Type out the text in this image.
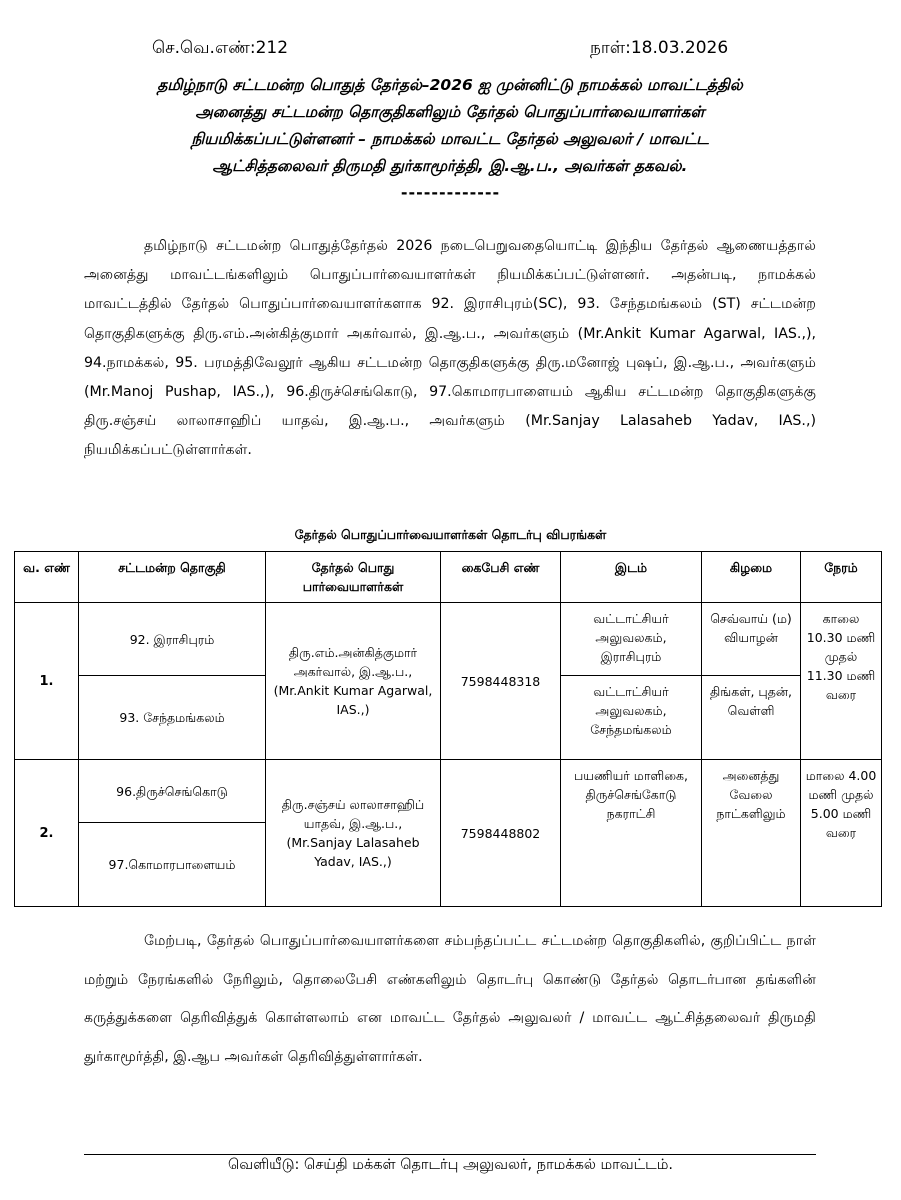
செ.வெ.எண்:212	நாள்:18.03.2026
தமிழ்நாடு சட்டமன்ற பொதுத் தேர்தல்–2026 ஐ முன்னிட்டு நாமக்கல் மாவட்டத்தில்
அனைத்து சட்டமன்ற தொகுதிகளிலும் தேர்தல் பொதுப்பார்வையாளர்கள்
நியமிக்கப்பட்டுள்ளனர் – நாமக்கல் மாவட்ட தேர்தல் அலுவலர் / மாவட்ட
ஆட்சித்தலைவர் திருமதி துர்காமூர்த்தி, இ.ஆ.ப., அவர்கள் தகவல்.
-------------
தமிழ்நாடு சட்டமன்ற பொதுத்தேர்தல் 2026 நடைபெறுவதையொட்டி இந்திய தேர்தல் ஆணையத்தால் அனைத்து மாவட்டங்களிலும் பொதுப்பார்வையாளர்கள் நியமிக்கப்பட்டுள்ளனர். அதன்படி, நாமக்கல் மாவட்டத்தில் தேர்தல் பொதுப்பார்வையாளர்களாக 92. இராசிபுரம்(SC), 93. சேந்தமங்கலம் (ST) சட்டமன்ற தொகுதிகளுக்கு திரு.எம்.அன்கித்குமார் அகர்வால், இ.ஆ.ப., அவர்களும் (Mr.Ankit Kumar Agarwal, IAS.,), 94.நாமக்கல், 95. பரமத்திவேலூர் ஆகிய சட்டமன்ற தொகுதிகளுக்கு திரு.மனோஜ் புஷப், இ.ஆ.ப., அவர்களும் (Mr.Manoj Pushap, IAS.,), 96.திருச்செங்கொடு, 97.கொமாரபாளையம் ஆகிய சட்டமன்ற தொகுதிகளுக்கு திரு.சஞ்சய் லாலாசாஹிப் யாதவ், இ.ஆ.ப., அவர்களும் (Mr.Sanjay Lalasaheb Yadav, IAS.,) நியமிக்கப்பட்டுள்ளார்கள்.
தேர்தல் பொதுப்பார்வையாளர்கள் தொடர்பு விபரங்கள்
வ. எண்	சட்டமன்ற தொகுதி	தேர்தல் பொது பார்வையாளர்கள்	கைபேசி எண்	இடம்	கிழமை	நேரம்
1.	92. இராசிபுரம்	திரு.எம்.அன்கித்குமார் அகர்வால், இ.ஆ.ப., (Mr.Ankit Kumar Agarwal, IAS.,)	7598448318	வட்டாட்சியர் அலுவலகம், இராசிபுரம்	செவ்வாய் (ம) வியாழன்	காலை 10.30 மணி முதல் 11.30 மணி வரை
	93. சேந்தமங்கலம்			வட்டாட்சியர் அலுவலகம், சேந்தமங்கலம்	திங்கள், புதன், வெள்ளி	
2.	96.திருச்செங்கொடு	திரு.சஞ்சய் லாலாசாஹிப் யாதவ், இ.ஆ.ப., (Mr.Sanjay Lalasaheb Yadav, IAS.,)	7598448802	பயணியர் மாளிகை, திருச்செங்கோடு நகராட்சி	அனைத்து வேலை நாட்களிலும்	மாலை 4.00 மணி முதல் 5.00 மணி வரை
	97.கொமாரபாளையம்					
மேற்படி, தேர்தல் பொதுப்பார்வையாளர்களை சம்பந்தப்பட்ட சட்டமன்ற தொகுதிகளில், குறிப்பிட்ட நாள் மற்றும் நேரங்களில் நேரிலும், தொலைபேசி எண்களிலும் தொடர்பு கொண்டு தேர்தல் தொடர்பான தங்களின் கருத்துக்களை தெரிவித்துக் கொள்ளலாம் என மாவட்ட தேர்தல் அலுவலர் / மாவட்ட ஆட்சித்தலைவர் திருமதி துர்காமூர்த்தி, இ.ஆப அவர்கள் தெரிவித்துள்ளார்கள்.
வெளியீடு: செய்தி மக்கள் தொடர்பு அலுவலர், நாமக்கல் மாவட்டம்.
